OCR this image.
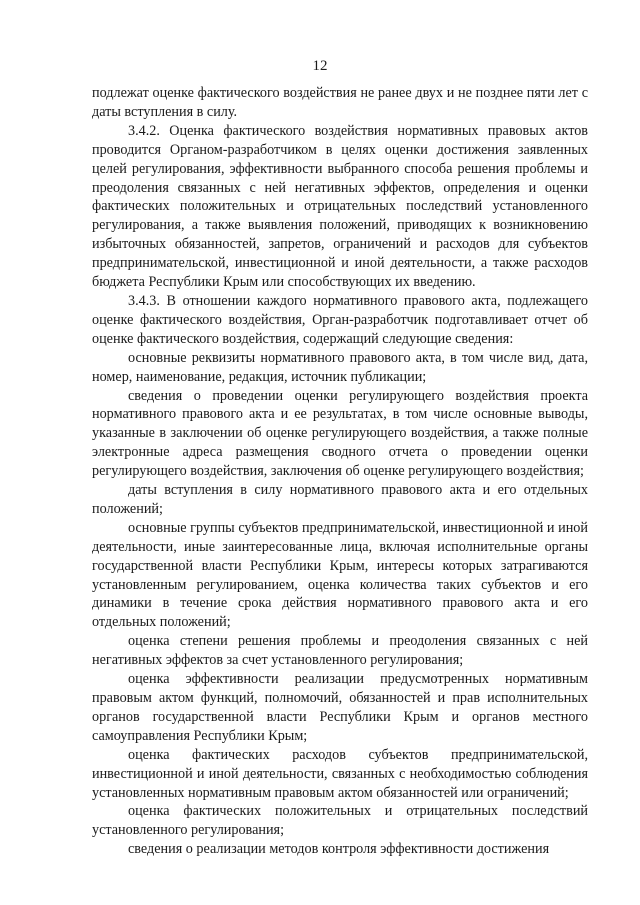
12

подлежат оценке фактического воздействия не ранее двух и не позднее пяти лет с даты вступления в силу.

3.4.2. Оценка фактического воздействия нормативных правовых актов проводится Органом-разработчиком в целях оценки достижения заявленных целей регулирования, эффективности выбранного способа решения проблемы и преодоления связанных с ней негативных эффектов, определения и оценки фактических положительных и отрицательных последствий установленного регулирования, а также выявления положений, приводящих к возникновению избыточных обязанностей, запретов, ограничений и расходов для субъектов предпринимательской, инвестиционной и иной деятельности, а также расходов бюджета Республики Крым или способствующих их введению.

3.4.3. В отношении каждого нормативного правового акта, подлежащего оценке фактического воздействия, Орган-разработчик подготавливает отчет об оценке фактического воздействия, содержащий следующие сведения:

основные реквизиты нормативного правового акта, в том числе вид, дата, номер, наименование, редакция, источник публикации;

сведения о проведении оценки регулирующего воздействия проекта нормативного правового акта и ее результатах, в том числе основные выводы, указанные в заключении об оценке регулирующего воздействия, а также полные электронные адреса размещения сводного отчета о проведении оценки регулирующего воздействия, заключения об оценке регулирующего воздействия;

даты вступления в силу нормативного правового акта и его отдельных положений;

основные группы субъектов предпринимательской, инвестиционной и иной деятельности, иные заинтересованные лица, включая исполнительные органы государственной власти Республики Крым, интересы которых затрагиваются установленным регулированием, оценка количества таких субъектов и его динамики в течение срока действия нормативного правового акта и его отдельных положений;

оценка степени решения проблемы и преодоления связанных с ней негативных эффектов за счет установленного регулирования;

оценка эффективности реализации предусмотренных нормативным правовым актом функций, полномочий, обязанностей и прав исполнительных органов государственной власти Республики Крым и органов местного самоуправления Республики Крым;

оценка фактических расходов субъектов предпринимательской, инвестиционной и иной деятельности, связанных с необходимостью соблюдения установленных нормативным правовым актом обязанностей или ограничений;

оценка фактических положительных и отрицательных последствий установленного регулирования;

сведения о реализации методов контроля эффективности достижения
